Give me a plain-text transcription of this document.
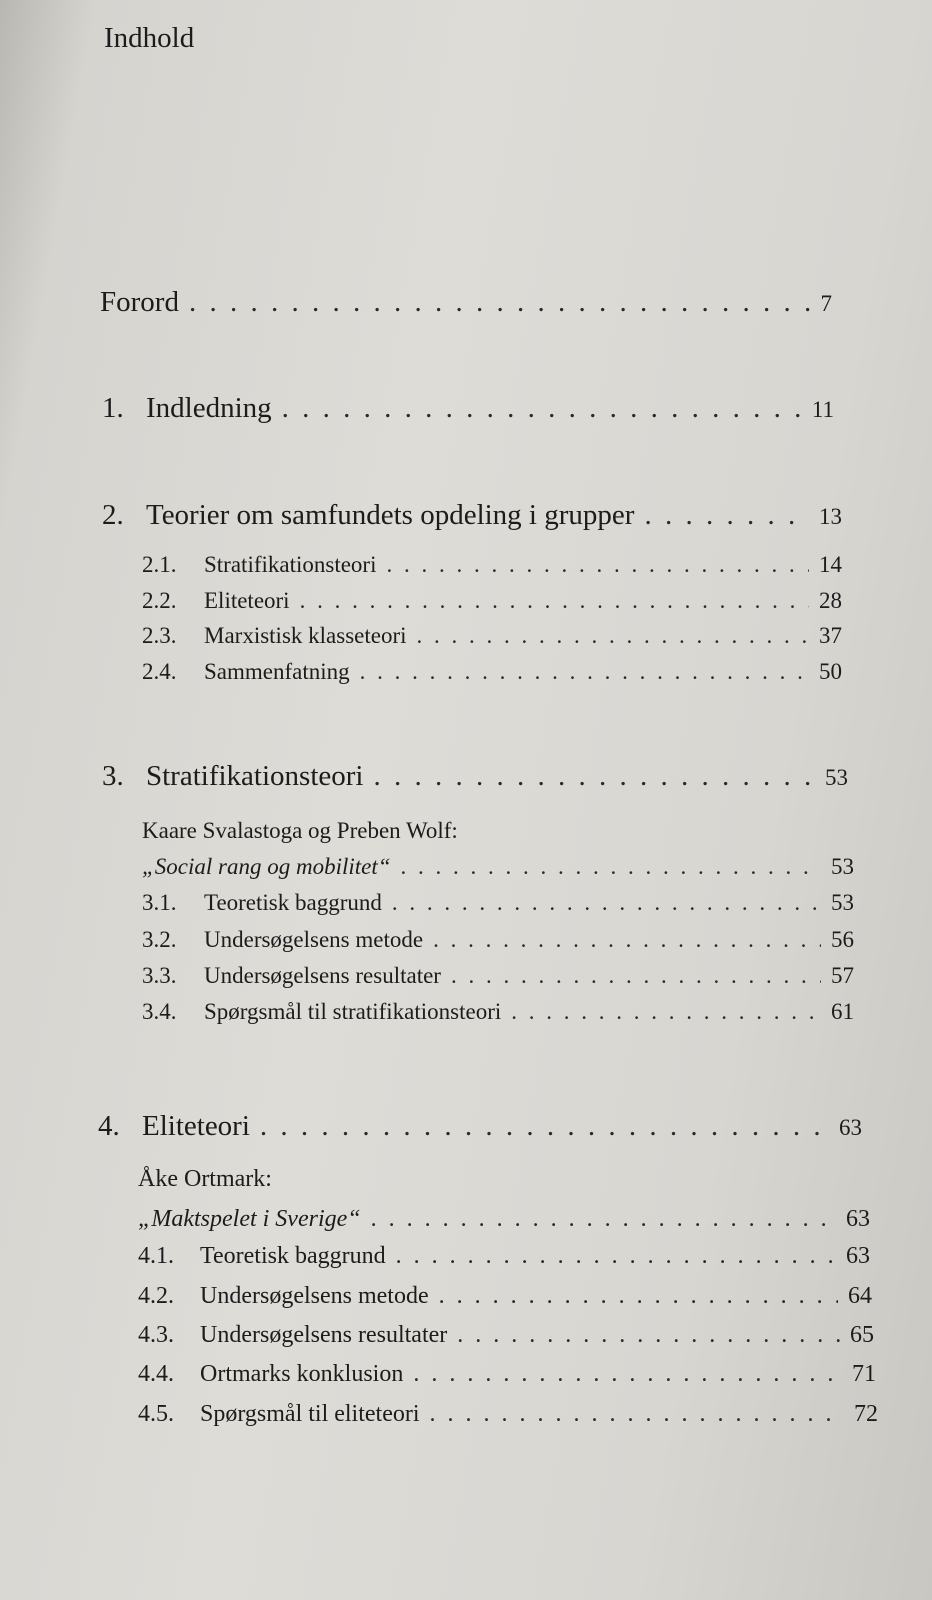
Indhold
Forord . . .	7
1. Indledning . . .	11
2. Teorier om samfundets opdeling i grupper . . .	13
2.1.	Stratifikationsteori . . .	14
2.2.	Eliteteori . . .	28
2.3.	Marxistisk klasseteori . . .	37
2.4.	Sammenfatning . . .	50
3. Stratifikationsteori . . .	53
Kaare Svalastoga og Preben Wolf:
„Social rang og mobilitet“ . . .	53
3.1.	Teoretisk baggrund . . .	53
3.2.	Undersøgelsens metode . . .	56
3.3.	Undersøgelsens resultater . . .	57
3.4.	Spørgsmål til stratifikationsteori . . .	61
4. Eliteteori . . .	63
Åke Ortmark:
„Maktspelet i Sverige“ . . .	63
4.1.	Teoretisk baggrund . . .	63
4.2.	Undersøgelsens metode . . .	64
4.3.	Undersøgelsens resultater . . .	65
4.4.	Ortmarks konklusion . . .	71
4.5.	Spørgsmål til eliteteori . . .	72
